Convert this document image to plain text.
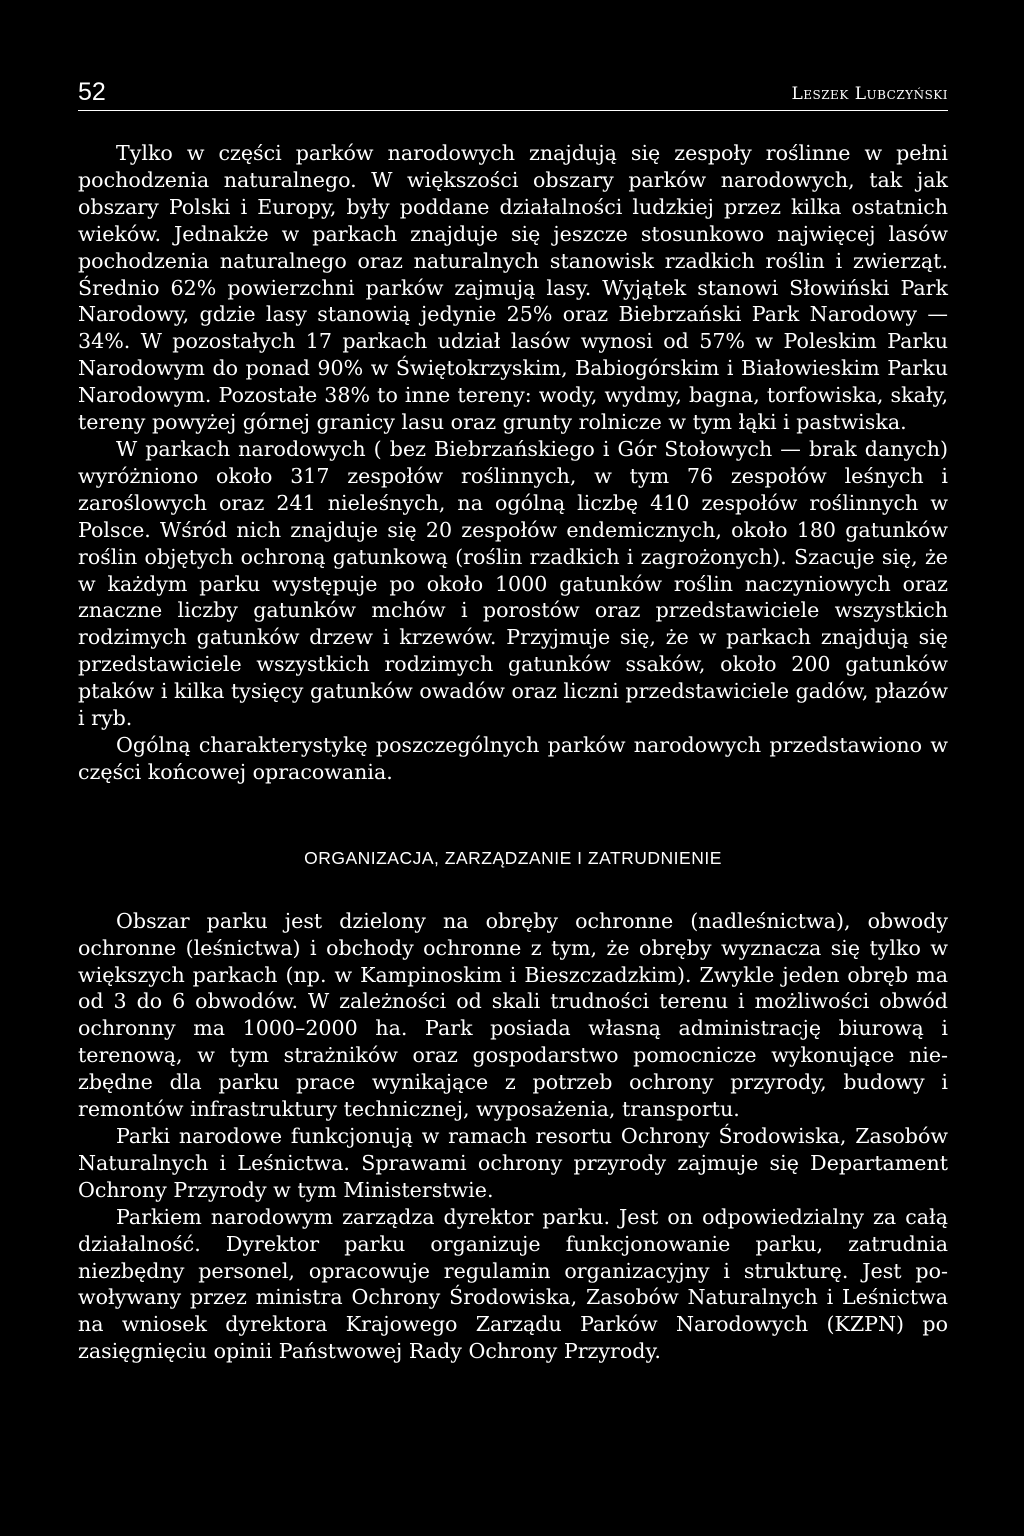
52	Leszek Lubczyński

Tylko w części parków narodowych znajdują się zespoły roślinne w pełni pochodzenia naturalnego. W większości obszary parków narodowych, tak jak obszary Polski i Europy, były poddane działalności ludzkiej przez kilka ostatnich wieków. Jednakże w parkach znajduje się jeszcze stosunkowo najwięcej lasów pochodzenia naturalnego oraz naturalnych stanowisk rzadkich roślin i zwierząt. Średnio 62% powierzchni parków zajmują lasy. Wyjątek stanowi Słowiński Park Narodowy, gdzie lasy stanowią jedynie 25% oraz Biebrzański Park Narodowy — 34%. W pozostałych 17 parkach udział lasów wynosi od 57% w Poleskim Parku Narodowym do ponad 90% w Świętokrzyskim, Babiogórskim i Białowieskim Parku Narodowym. Pozostałe 38% to inne tereny: wody, wydmy, bagna, torfowiska, skały, tereny powyżej górnej granicy lasu oraz grunty rolnicze w tym łąki i pastwiska.

W parkach narodowych ( bez Biebrzańskiego i Gór Stołowych — brak danych) wyróżniono około 317 zespołów roślinnych, w tym 76 zespołów leśnych i zaroślowych oraz 241 nieleśnych, na ogólną liczbę 410 zespołów roślinnych w Polsce. Wśród nich znajduje się 20 zespołów endemicznych, około 180 gatunków roślin objętych ochroną gatunkową (roślin rzadkich i zagrożonych). Szacuje się, że w każdym parku występuje po około 1000 gatunków roślin naczyniowych oraz znaczne liczby gatunków mchów i porostów oraz przedstawiciele wszystkich rodzimych gatunków drzew i krzewów. Przyjmuje się, że w parkach znajdują się przedstawiciele wszystkich rodzimych gatunków ssaków, około 200 gatunków ptaków i kilka tysięcy gatunków owadów oraz liczni przedstawiciele gadów, płazów i ryb.

Ogólną charakterystykę poszczególnych parków narodowych przedstawiono w części końcowej opracowania.

ORGANIZACJA, ZARZĄDZANIE I ZATRUDNIENIE

Obszar parku jest dzielony na obręby ochronne (nadleśnictwa), obwody ochronne (leśnictwa) i obchody ochronne z tym, że obręby wyznacza się tylko w większych parkach (np. w Kampinoskim i Bieszczadzkim). Zwykle jeden obręb ma od 3 do 6 obwodów. W zależności od skali trudności terenu i możliwości obwód ochronny ma 1000–2000 ha. Park posiada własną administrację biurową i terenową, w tym strażników oraz gospodarstwo pomocnicze wykonujące niezbędne dla parku prace wynikające z potrzeb ochrony przyrody, budowy i remontów infrastruktury technicznej, wyposażenia, transportu.

Parki narodowe funkcjonują w ramach resortu Ochrony Środowiska, Zasobów Naturalnych i Leśnictwa. Sprawami ochrony przyrody zajmuje się Departament Ochrony Przyrody w tym Ministerstwie.

Parkiem narodowym zarządza dyrektor parku. Jest on odpowiedzialny za całą działalność. Dyrektor parku organizuje funkcjonowanie parku, zatrudnia niezbędny personel, opracowuje regulamin organizacyjny i strukturę. Jest powoływany przez ministra Ochrony Środowiska, Zasobów Naturalnych i Leśnictwa na wniosek dyrektora Krajowego Zarządu Parków Narodowych (KZPN) po zasięgnięciu opinii Państwowej Rady Ochrony Przyrody.
